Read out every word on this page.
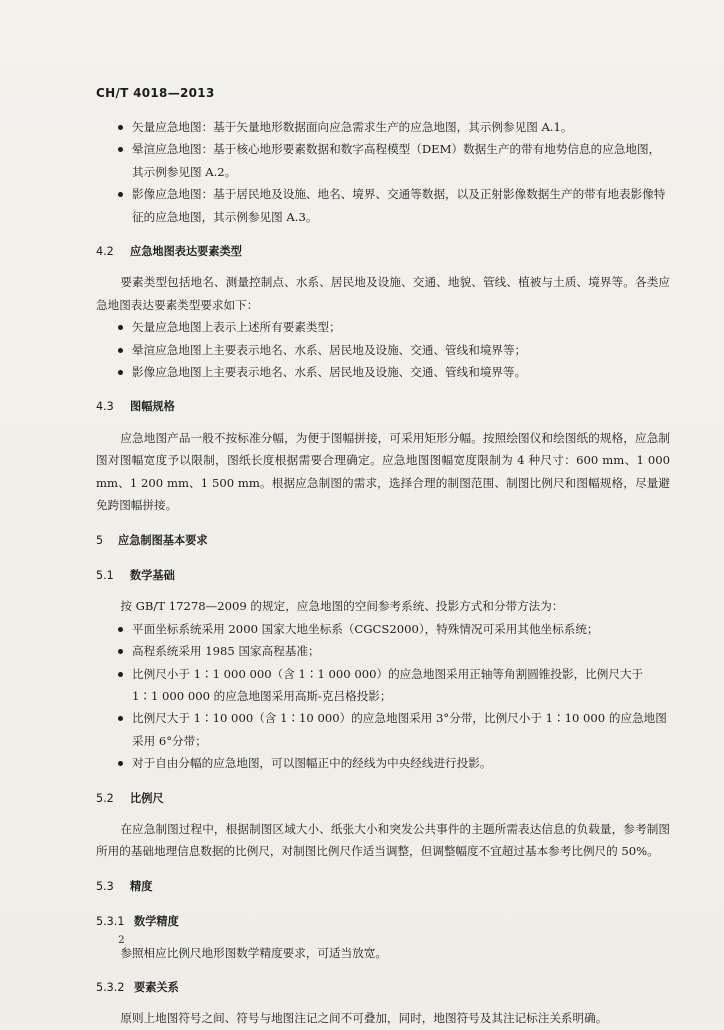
CH/T 4018—2013
矢量应急地图：基于矢量地形数据面向应急需求生产的应急地图，其示例参见图 A.1。
晕渲应急地图：基于核心地形要素数据和数字高程模型（DEM）数据生产的带有地势信息的应急地图，其示例参见图 A.2。
影像应急地图：基于居民地及设施、地名、境界、交通等数据，以及正射影像数据生产的带有地表影像特征的应急地图，其示例参见图 A.3。
4.2 应急地图表达要素类型
要素类型包括地名、测量控制点、水系、居民地及设施、交通、地貌、管线、植被与土质、境界等。各类应急地图表达要素类型要求如下：
矢量应急地图上表示上述所有要素类型；
晕渲应急地图上主要表示地名、水系、居民地及设施、交通、管线和境界等；
影像应急地图上主要表示地名、水系、居民地及设施、交通、管线和境界等。
4.3 图幅规格
应急地图产品一般不按标准分幅，为便于图幅拼接，可采用矩形分幅。按照绘图仪和绘图纸的规格，应急制图对图幅宽度予以限制，图纸长度根据需要合理确定。应急地图图幅宽度限制为 4 种尺寸：600 mm、1 000 mm、1 200 mm、1 500 mm。根据应急制图的需求，选择合理的制图范围、制图比例尺和图幅规格，尽量避免跨图幅拼接。
5 应急制图基本要求
5.1 数学基础
按 GB/T 17278—2009 的规定，应急地图的空间参考系统、投影方式和分带方法为：
平面坐标系统采用 2000 国家大地坐标系（CGCS2000），特殊情况可采用其他坐标系统；
高程系统采用 1985 国家高程基准；
比例尺小于 1∶1 000 000（含 1∶1 000 000）的应急地图采用正轴等角割圆锥投影，比例尺大于 1∶1 000 000 的应急地图采用高斯-克吕格投影；
比例尺大于 1∶10 000（含 1∶10 000）的应急地图采用 3°分带，比例尺小于 1∶10 000 的应急地图采用 6°分带；
对于自由分幅的应急地图，可以图幅正中的经线为中央经线进行投影。
5.2 比例尺
在应急制图过程中，根据制图区域大小、纸张大小和突发公共事件的主题所需表达信息的负载量，参考制图所用的基础地理信息数据的比例尺，对制图比例尺作适当调整，但调整幅度不宜超过基本参考比例尺的 50%。
5.3 精度
5.3.1 数学精度
参照相应比例尺地形图数学精度要求，可适当放宽。
5.3.2 要素关系
原则上地图符号之间、符号与地图注记之间不可叠加，同时，地图符号及其注记标注关系明确。
2
